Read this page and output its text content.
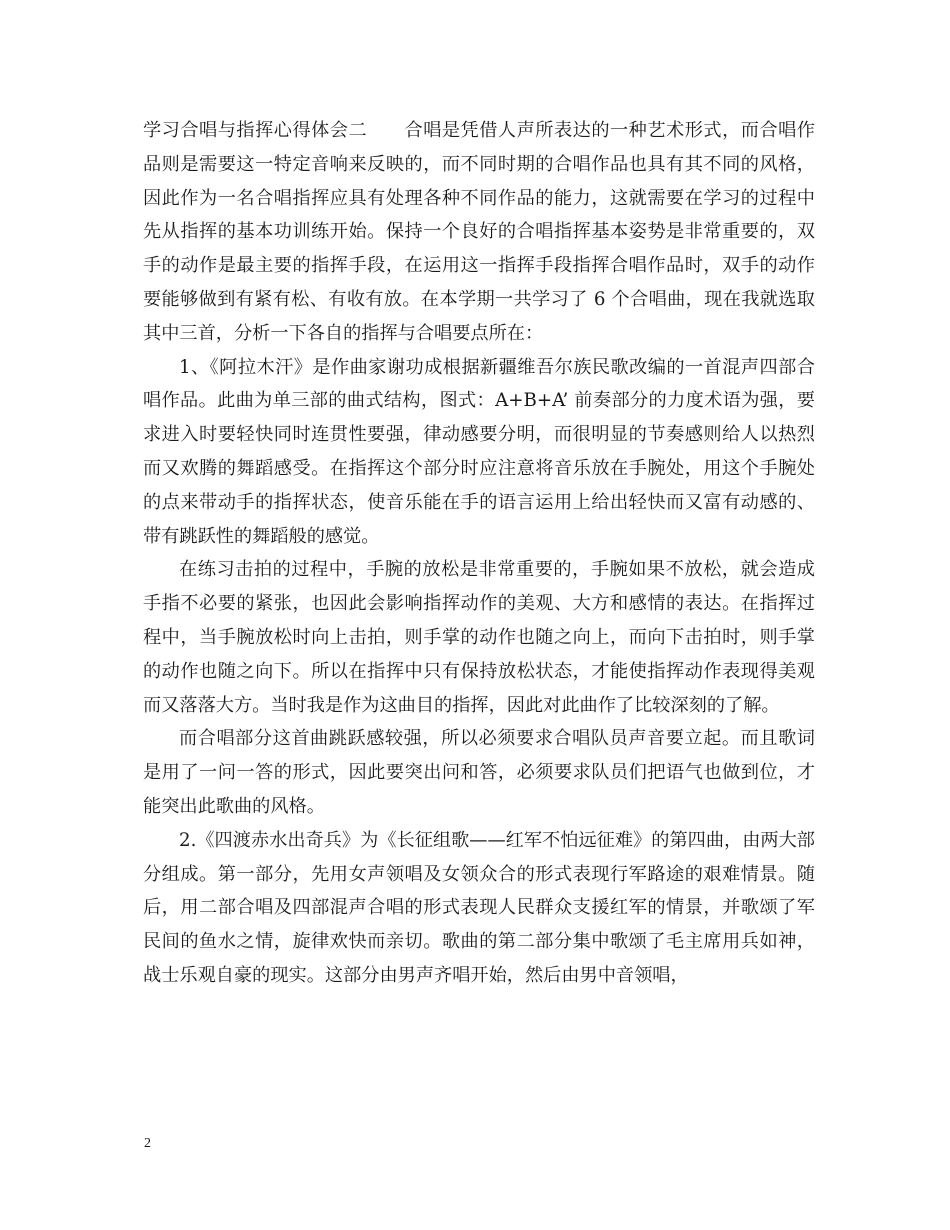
学习合唱与指挥心得体会二　　合唱是凭借人声所表达的一种艺术形式，而合唱作品则是需要这一特定音响来反映的，而不同时期的合唱作品也具有其不同的风格，因此作为一名合唱指挥应具有处理各种不同作品的能力，这就需要在学习的过程中先从指挥的基本功训练开始。保持一个良好的合唱指挥基本姿势是非常重要的，双手的动作是最主要的指挥手段，在运用这一指挥手段指挥合唱作品时，双手的动作要能够做到有紧有松、有收有放。在本学期一共学习了 6 个合唱曲，现在我就选取其中三首，分析一下各自的指挥与合唱要点所在：

1、《阿拉木汗》是作曲家谢功成根据新疆维吾尔族民歌改编的一首混声四部合唱作品。此曲为单三部的曲式结构，图式：A+B+A’ 前奏部分的力度术语为强，要求进入时要轻快同时连贯性要强，律动感要分明，而很明显的节奏感则给人以热烈而又欢腾的舞蹈感受。在指挥这个部分时应注意将音乐放在手腕处，用这个手腕处的点来带动手的指挥状态，使音乐能在手的语言运用上给出轻快而又富有动感的、带有跳跃性的舞蹈般的感觉。

在练习击拍的过程中，手腕的放松是非常重要的，手腕如果不放松，就会造成手指不必要的紧张，也因此会影响指挥动作的美观、大方和感情的表达。在指挥过程中，当手腕放松时向上击拍，则手掌的动作也随之向上，而向下击拍时，则手掌的动作也随之向下。所以在指挥中只有保持放松状态，才能使指挥动作表现得美观而又落落大方。当时我是作为这曲目的指挥，因此对此曲作了比较深刻的了解。

而合唱部分这首曲跳跃感较强，所以必须要求合唱队员声音要立起。而且歌词是用了一问一答的形式，因此要突出问和答，必须要求队员们把语气也做到位，才能突出此歌曲的风格。

2.《四渡赤水出奇兵》为《长征组歌——红军不怕远征难》的第四曲，由两大部分组成。第一部分，先用女声领唱及女领众合的形式表现行军路途的艰难情景。随后，用二部合唱及四部混声合唱的形式表现人民群众支援红军的情景，并歌颂了军民间的鱼水之情，旋律欢快而亲切。歌曲的第二部分集中歌颂了毛主席用兵如神，战士乐观自豪的现实。这部分由男声齐唱开始，然后由男中音领唱，

2
